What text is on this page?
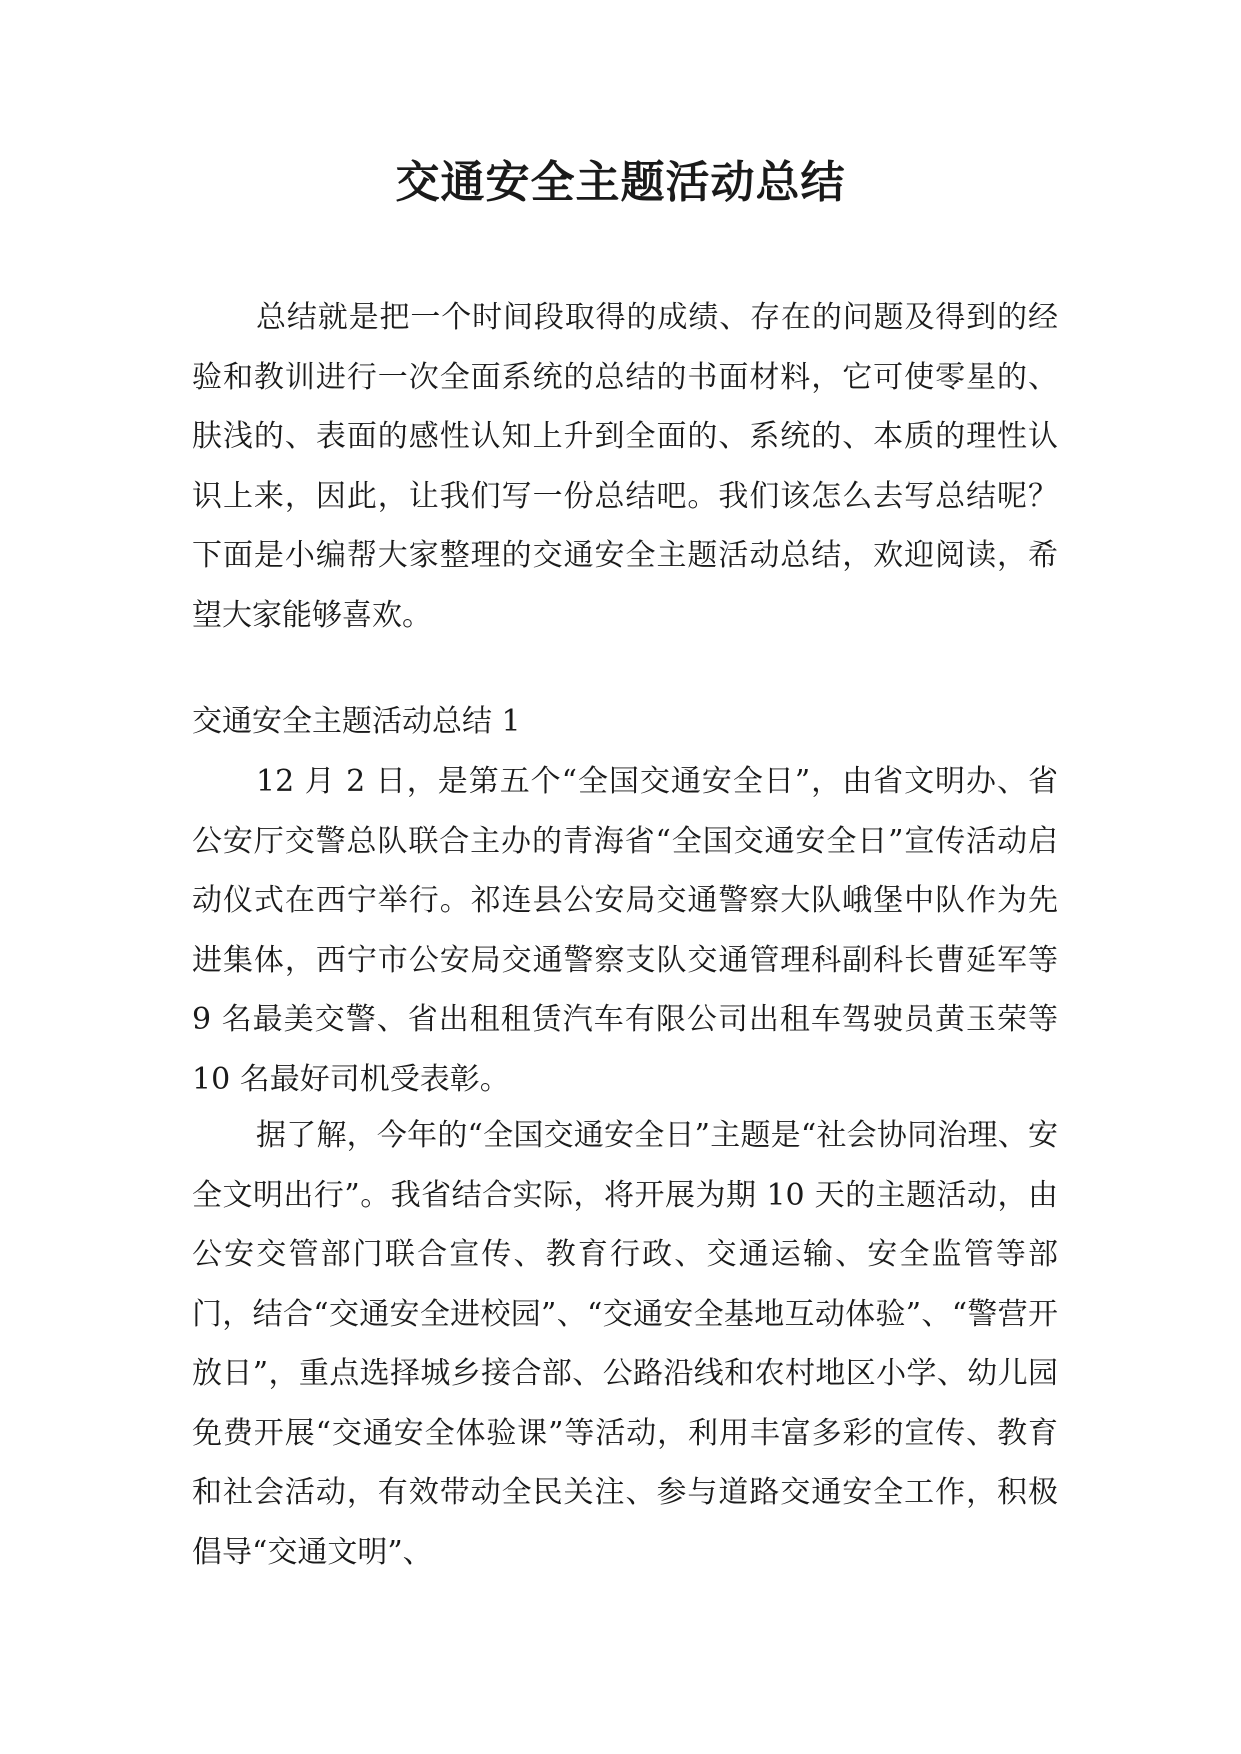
交通安全主题活动总结

总结就是把一个时间段取得的成绩、存在的问题及得到的经验和教训进行一次全面系统的总结的书面材料，它可使零星的、肤浅的、表面的感性认知上升到全面的、系统的、本质的理性认识上来，因此，让我们写一份总结吧。我们该怎么去写总结呢？下面是小编帮大家整理的交通安全主题活动总结，欢迎阅读，希望大家能够喜欢。

交通安全主题活动总结 1

12 月 2 日，是第五个“全国交通安全日”，由省文明办、省公安厅交警总队联合主办的青海省“全国交通安全日”宣传活动启动仪式在西宁举行。祁连县公安局交通警察大队峨堡中队作为先进集体，西宁市公安局交通警察支队交通管理科副科长曹延军等 9 名最美交警、省出租租赁汽车有限公司出租车驾驶员黄玉荣等 10 名最好司机受表彰。

据了解，今年的“全国交通安全日”主题是“社会协同治理、安全文明出行”。我省结合实际，将开展为期 10 天的主题活动，由公安交管部门联合宣传、教育行政、交通运输、安全监管等部门，结合“交通安全进校园”、“交通安全基地互动体验”、“警营开放日”，重点选择城乡接合部、公路沿线和农村地区小学、幼儿园免费开展“交通安全体验课”等活动，利用丰富多彩的宣传、教育和社会活动，有效带动全民关注、参与道路交通安全工作，积极倡导“交通文明”、
